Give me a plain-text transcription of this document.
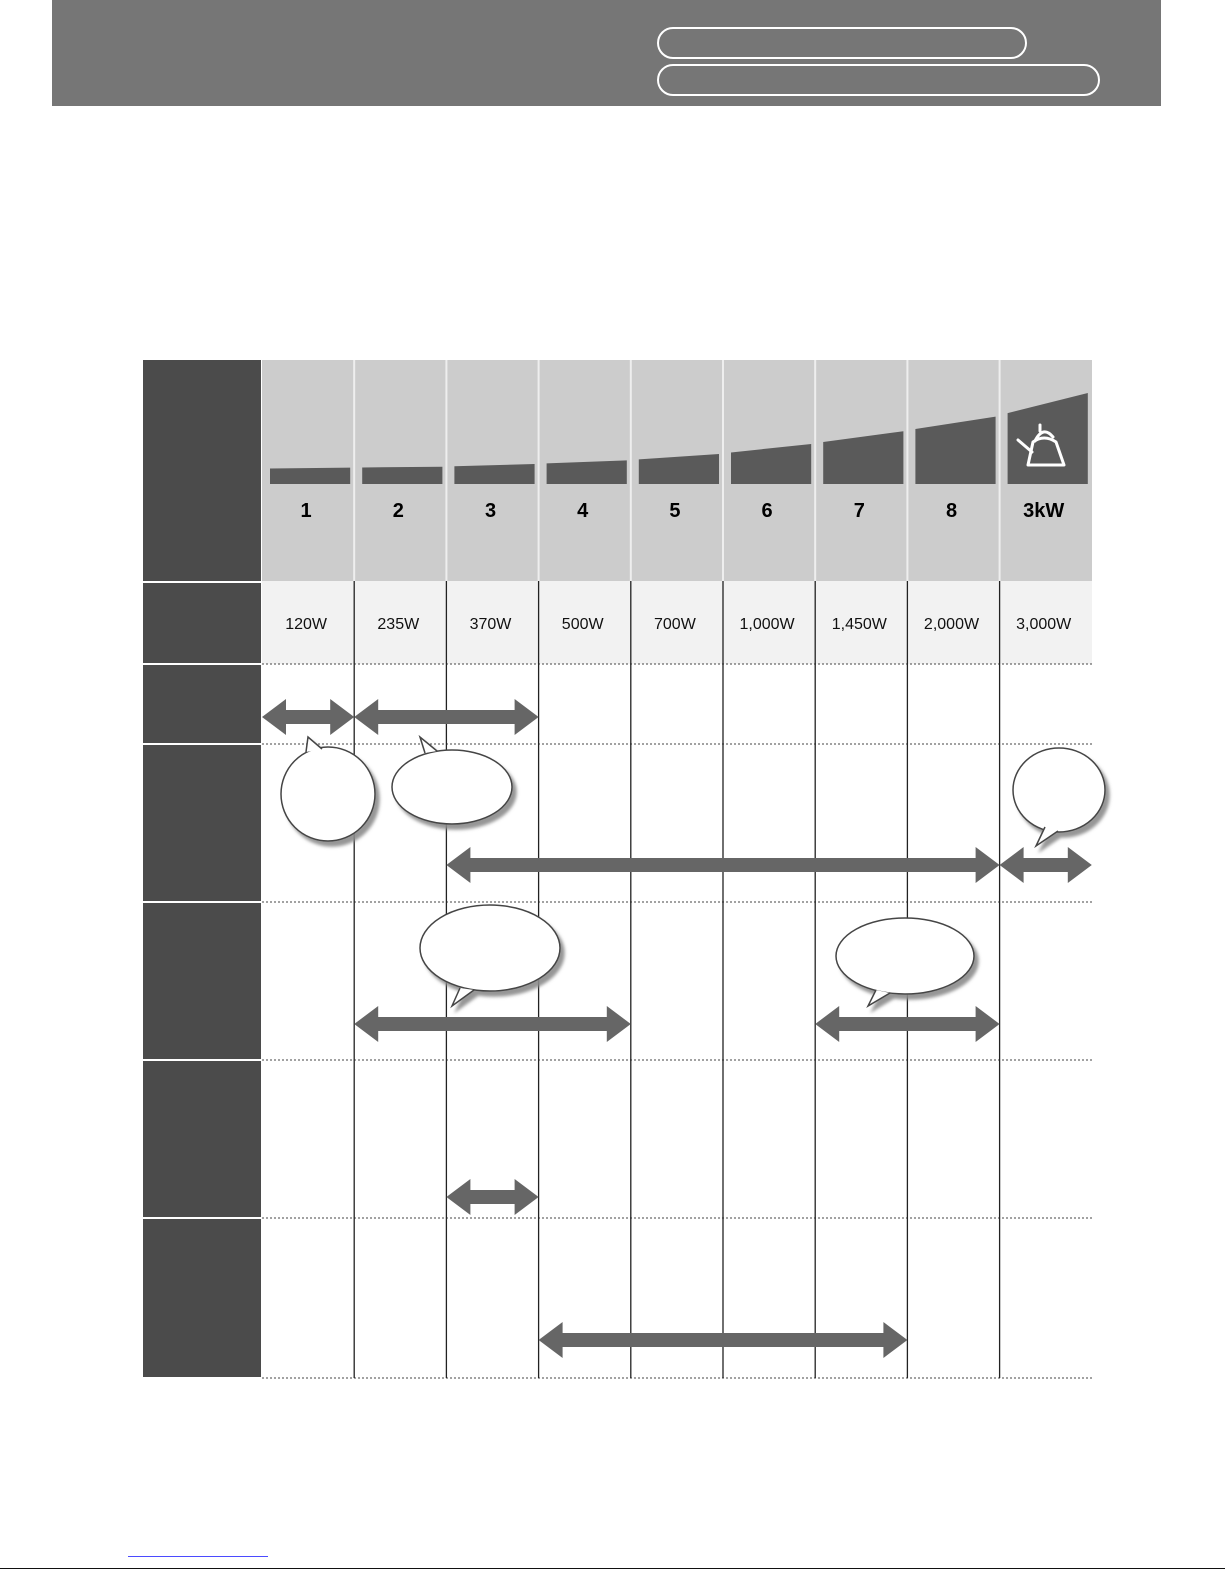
1	2	3	4	5	6	7	8	3kW
120W	235W	370W	500W	700W	1,000W 1,450W 2,000W 3,000W
